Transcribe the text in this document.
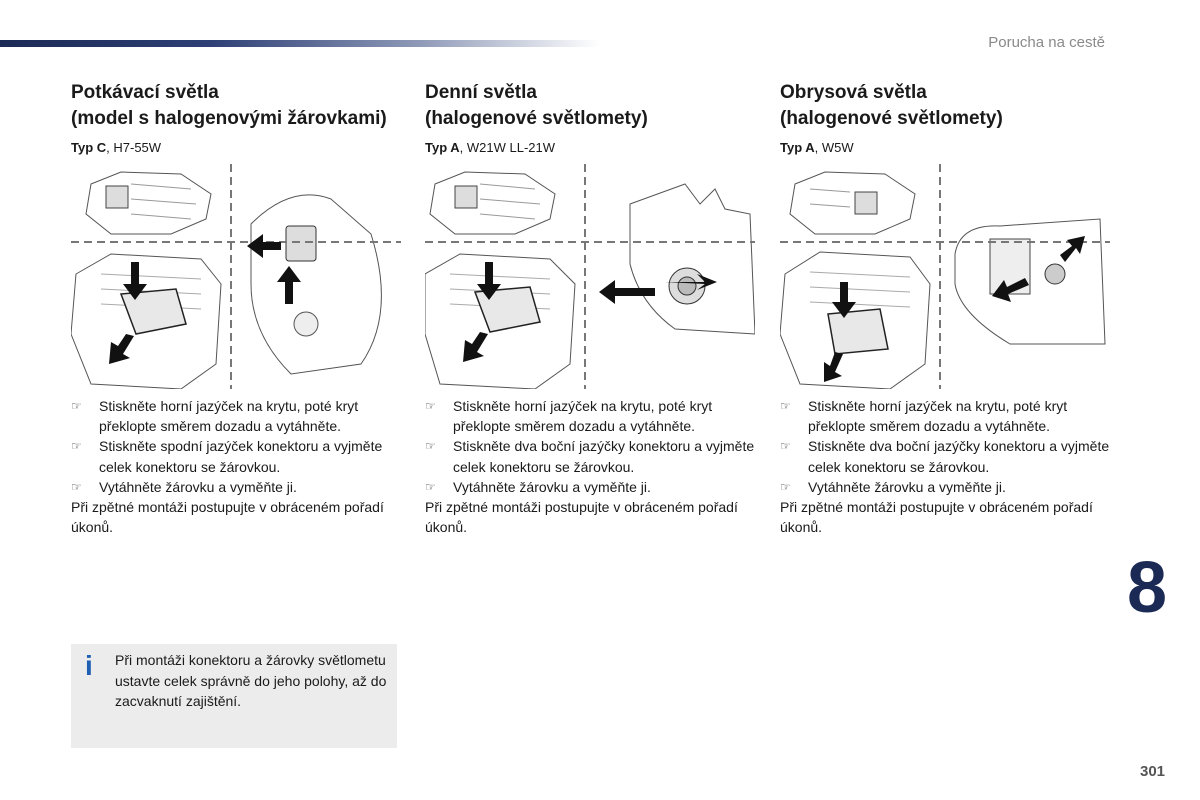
Porucha na cestě
Potkávací světla
(model s halogenovými žárovkami)
Typ C, H7-55W
☞ Stiskněte horní jazýček na krytu, poté kryt překlopte směrem dozadu a vytáhněte.
☞ Stiskněte spodní jazýček konektoru a vyjměte celek konektoru se žárovkou.
☞ Vytáhněte žárovku a vyměňte ji.
Při zpětné montáži postupujte v obráceném pořadí úkonů.
Denní světla
(halogenové světlomety)
Typ A, W21W LL-21W
☞ Stiskněte horní jazýček na krytu, poté kryt překlopte směrem dozadu a vytáhněte.
☞ Stiskněte dva boční jazýčky konektoru a vyjměte celek konektoru se žárovkou.
☞ Vytáhněte žárovku a vyměňte ji.
Při zpětné montáži postupujte v obráceném pořadí úkonů.
Obrysová světla
(halogenové světlomety)
Typ A, W5W
☞ Stiskněte horní jazýček na krytu, poté kryt překlopte směrem dozadu a vytáhněte.
☞ Stiskněte dva boční jazýčky konektoru a vyjměte celek konektoru se žárovkou.
☞ Vytáhněte žárovku a vyměňte ji.
Při zpětné montáži postupujte v obráceném pořadí úkonů.
i Při montáži konektoru a žárovky světlometu ustavte celek správně do jeho polohy, až do zacvaknutí zajištění.
8
301
